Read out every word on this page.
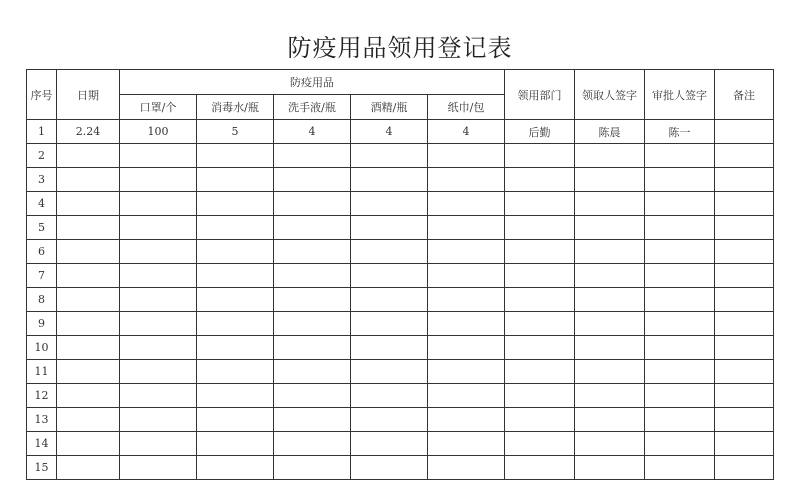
防疫用品领用登记表
序号	日期	防疫用品					领用部门	领取人签字	审批人签字	备注
		口罩/个	消毒水/瓶	洗手液/瓶	酒精/瓶	纸巾/包				
1	2.24	100	5	4	4	4	后勤	陈晨	陈一	
2										
3										
4										
5										
6										
7										
8										
9										
10										
11										
12										
13										
14										
15										
